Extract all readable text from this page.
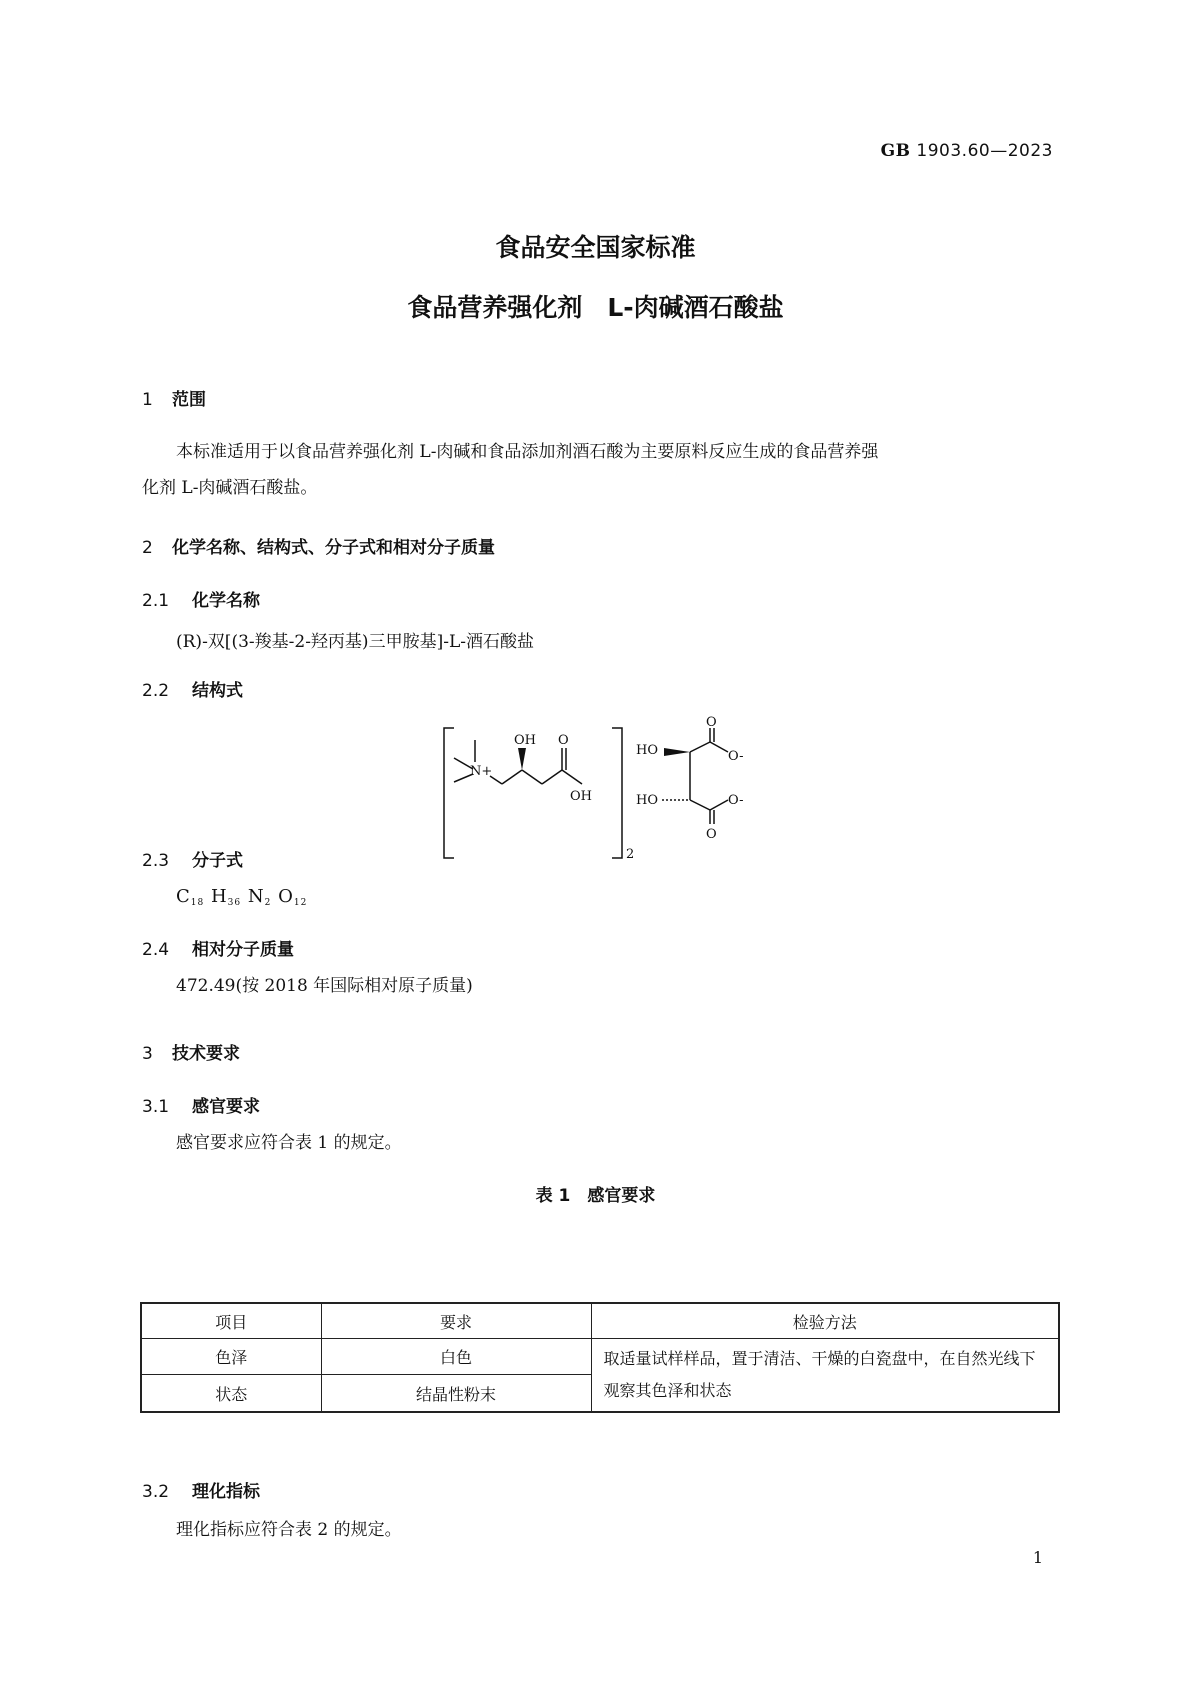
GB 1903.60—2023
食品安全国家标准
食品营养强化剂　L-肉碱酒石酸盐
1 范围
本标准适用于以食品营养强化剂 L-肉碱和食品添加剂酒石酸为主要原料反应生成的食品营养强
化剂 L-肉碱酒石酸盐。
2 化学名称、结构式、分子式和相对分子质量
2.1 化学名称
(R)-双[(3-羧基-2-羟丙基)三甲胺基]-L-酒石酸盐
2.2 结构式
OH O
N+
OH
2
HO
HO
O
O
O-
O-
2.3 分子式
$C_{18}$ $H_{36}$ $N_2$ $O_{12}$
2.4 相对分子质量
472.49(按 2018 年国际相对原子质量)
3 技术要求
3.1 感官要求
感官要求应符合表 1 的规定。
表 1　感官要求
项目	要求	检验方法
色泽	白色	取适量试样样品，置于清洁、干燥的白瓷盘中，在自然光线下观察其色泽和状态
状态	结晶性粉末	
3.2 理化指标
理化指标应符合表 2 的规定。
1
